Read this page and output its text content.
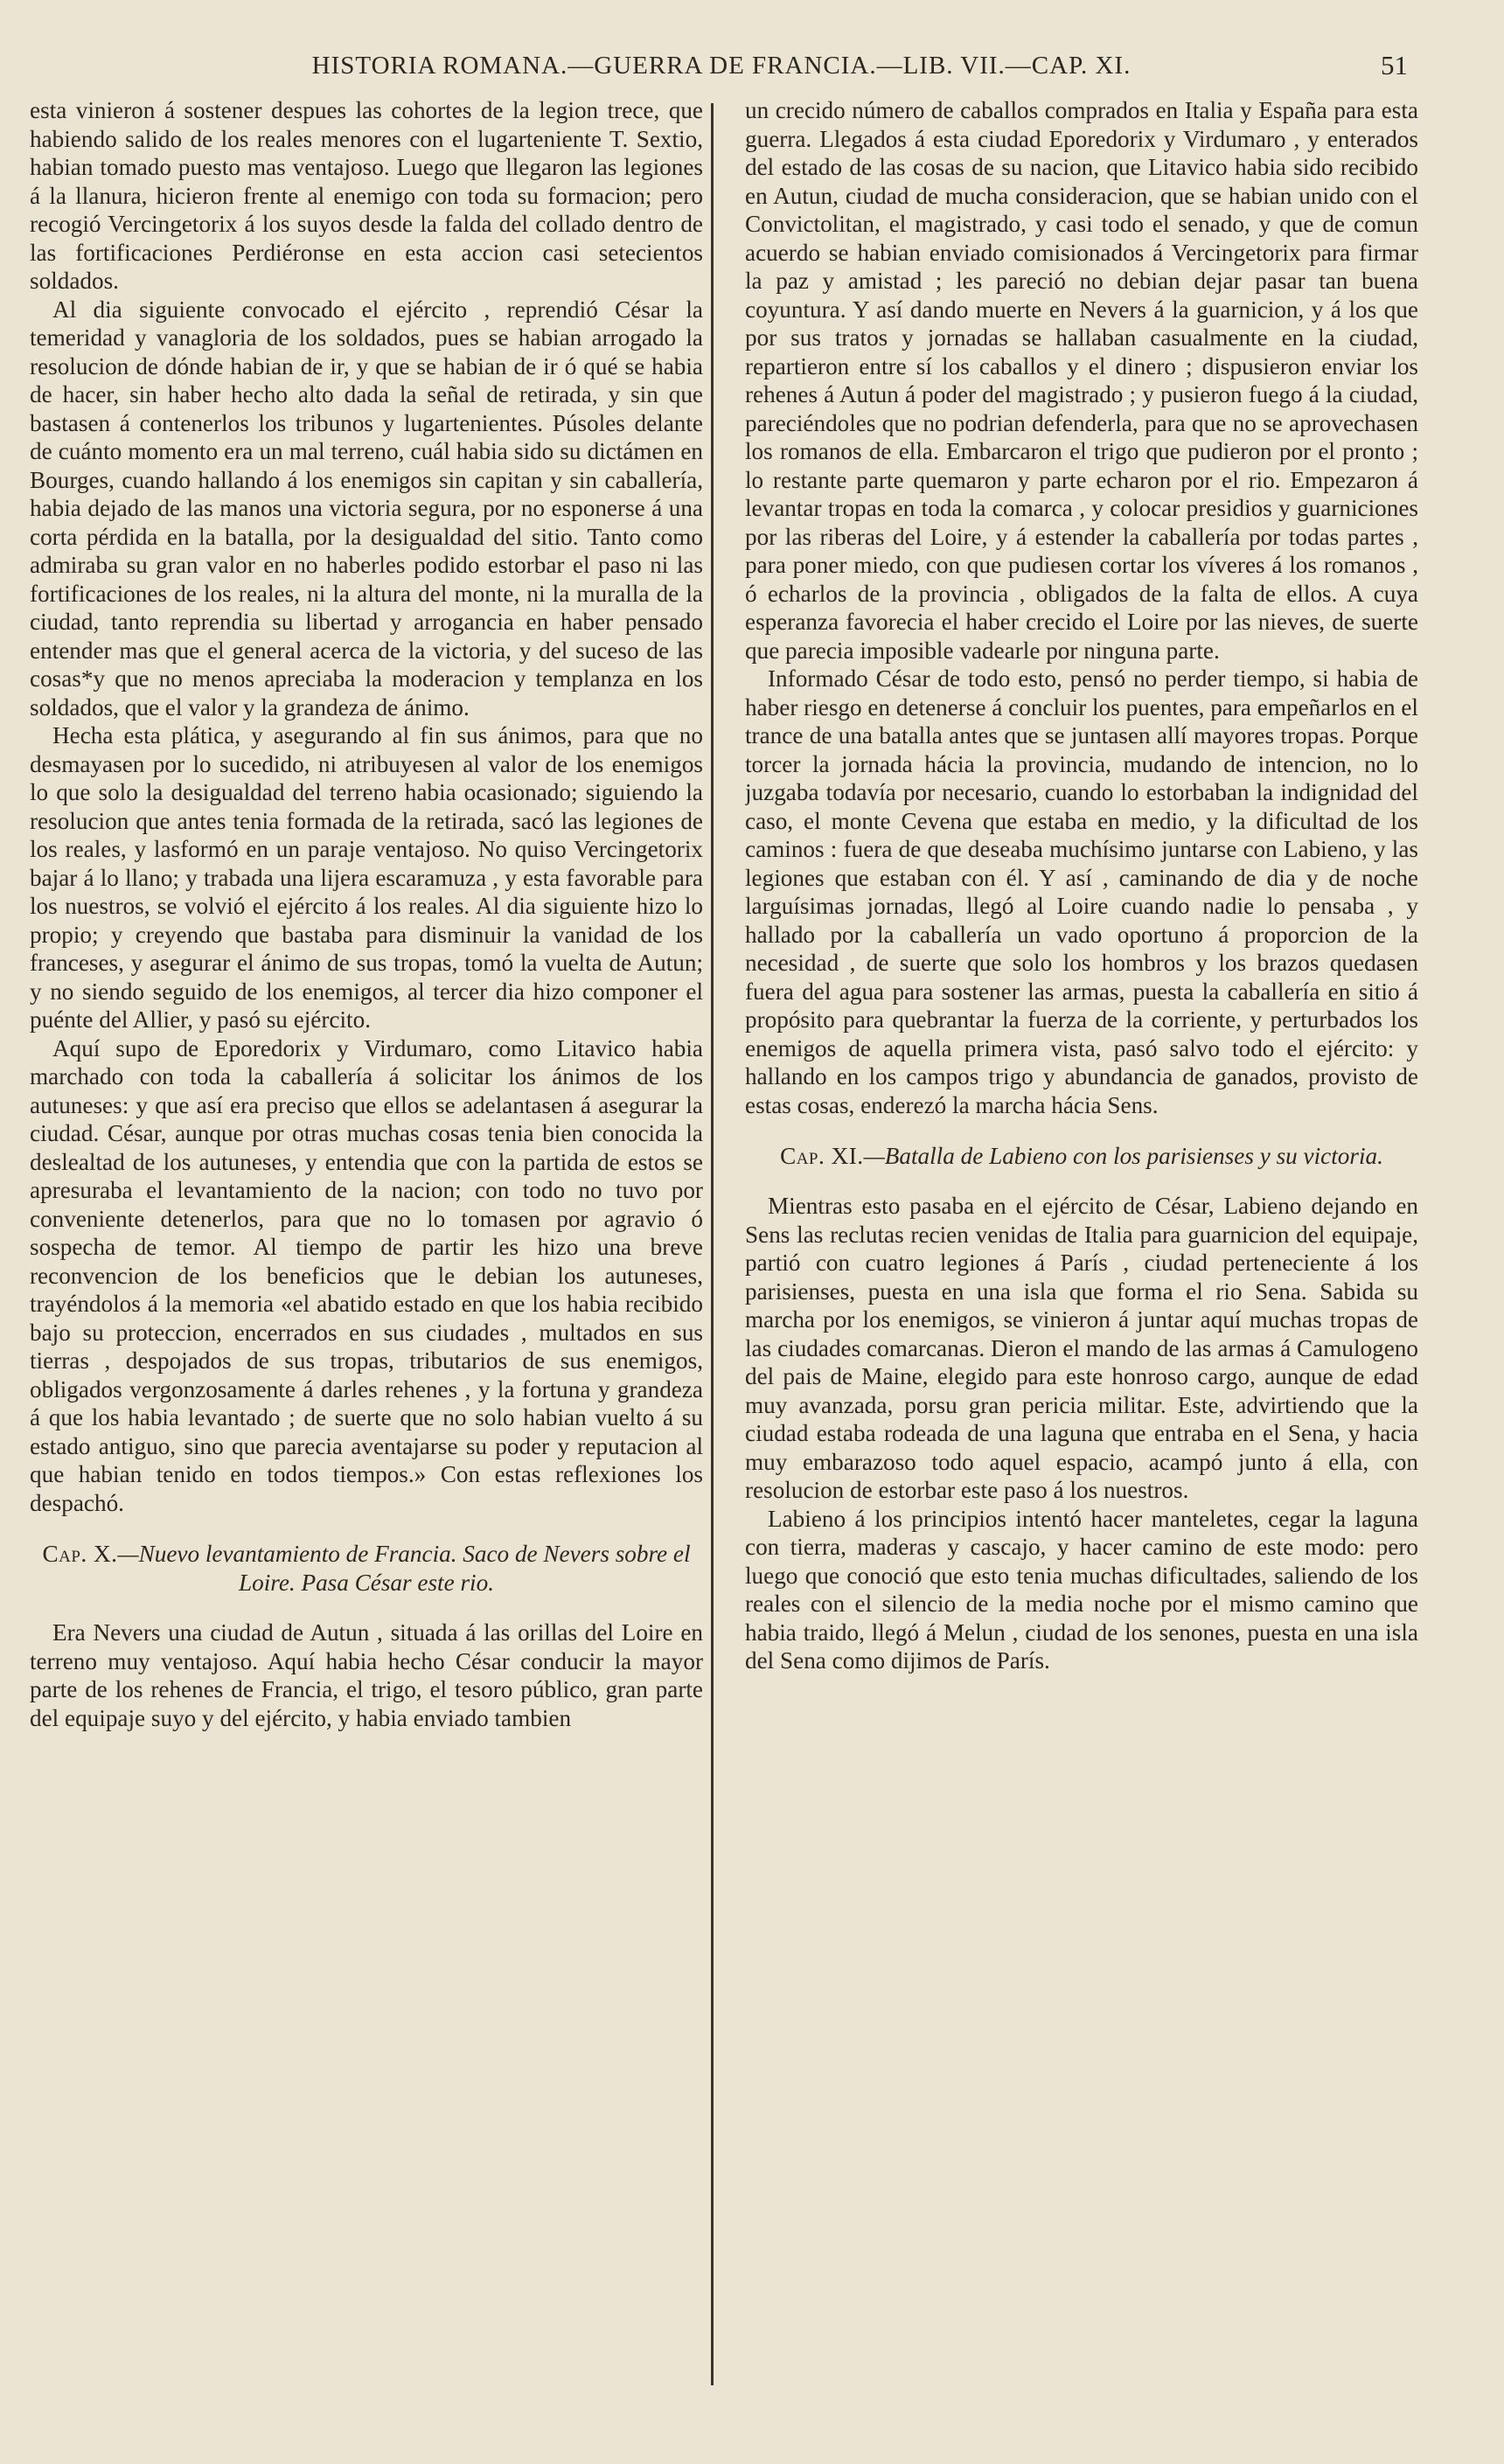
HISTORIA ROMANA.—GUERRA DE FRANCIA.—LIB. VII.—CAP. XI.	51

esta vinieron á sostener despues las cohortes de la legion trece, que habiendo salido de los reales menores con el lugarteniente T. Sextio, habian tomado puesto mas ventajoso. Luego que llegaron las legiones á la llanura, hicieron frente al enemigo con toda su formacion; pero recogió Vercingetorix á los suyos desde la falda del collado dentro de las fortificaciones Perdiéronse en esta accion casi setecientos soldados.

Al dia siguiente convocado el ejército , reprendió César la temeridad y vanagloria de los soldados, pues se habian arrogado la resolucion de dónde habian de ir, y que se habian de ir ó qué se habia de hacer, sin haber hecho alto dada la señal de retirada, y sin que bastasen á contenerlos los tribunos y lugartenientes. Púsoles delante de cuánto momento era un mal terreno, cuál habia sido su dictámen en Bourges, cuando hallando á los enemigos sin capitan y sin caballería, habia dejado de las manos una victoria segura, por no esponerse á una corta pérdida en la batalla, por la desigualdad del sitio. Tanto como admiraba su gran valor en no haberles podido estorbar el paso ni las fortificaciones de los reales, ni la altura del monte, ni la muralla de la ciudad, tanto reprendia su libertad y arrogancia en haber pensado entender mas que el general acerca de la victoria, y del suceso de las cosas*y que no menos apreciaba la moderacion y templanza en los soldados, que el valor y la grandeza de ánimo.

Hecha esta plática, y asegurando al fin sus ánimos, para que no desmayasen por lo sucedido, ni atribuyesen al valor de los enemigos lo que solo la desigualdad del terreno habia ocasionado; siguiendo la resolucion que antes tenia formada de la retirada, sacó las legiones de los reales, y lasformó en un paraje ventajoso. No quiso Vercingetorix bajar á lo llano; y trabada una lijera escaramuza , y esta favorable para los nuestros, se volvió el ejército á los reales. Al dia siguiente hizo lo propio; y creyendo que bastaba para disminuir la vanidad de los franceses, y asegurar el ánimo de sus tropas, tomó la vuelta de Autun; y no siendo seguido de los enemigos, al tercer dia hizo componer el puénte del Allier, y pasó su ejército.

Aquí supo de Eporedorix y Virdumaro, como Litavico habia marchado con toda la caballería á solicitar los ánimos de los autuneses: y que así era preciso que ellos se adelantasen á asegurar la ciudad. César, aunque por otras muchas cosas tenia bien conocida la deslealtad de los autuneses, y entendia que con la partida de estos se apresuraba el levantamiento de la nacion; con todo no tuvo por conveniente detenerlos, para que no lo tomasen por agravio ó sospecha de temor. Al tiempo de partir les hizo una breve reconvencion de los beneficios que le debian los autuneses, trayéndolos á la memoria «el abatido estado en que los habia recibido bajo su proteccion, encerrados en sus ciudades , multados en sus tierras , despojados de sus tropas, tributarios de sus enemigos, obligados vergonzosamente á darles rehenes , y la fortuna y grandeza á que los habia levantado ; de suerte que no solo habian vuelto á su estado antiguo, sino que parecia aventajarse su poder y reputacion al que habian tenido en todos tiempos.» Con estas reflexiones los despachó.

Cap. X.—Nuevo levantamiento de Francia. Saco de Nevers sobre el Loire. Pasa César este rio.

Era Nevers una ciudad de Autun , situada á las orillas del Loire en terreno muy ventajoso. Aquí habia hecho César conducir la mayor parte de los rehenes de Francia, el trigo, el tesoro público, gran parte del equipaje suyo y del ejército, y habia enviado tambien

un crecido número de caballos comprados en Italia y España para esta guerra. Llegados á esta ciudad Eporedorix y Virdumaro , y enterados del estado de las cosas de su nacion, que Litavico habia sido recibido en Autun, ciudad de mucha consideracion, que se habian unido con el Convictolitan, el magistrado, y casi todo el senado, y que de comun acuerdo se habian enviado comisionados á Vercingetorix para firmar la paz y amistad ; les pareció no debian dejar pasar tan buena coyuntura. Y así dando muerte en Nevers á la guarnicion, y á los que por sus tratos y jornadas se hallaban casualmente en la ciudad, repartieron entre sí los caballos y el dinero ; dispusieron enviar los rehenes á Autun á poder del magistrado ; y pusieron fuego á la ciudad, pareciéndoles que no podrian defenderla, para que no se aprovechasen los romanos de ella. Embarcaron el trigo que pudieron por el pronto ; lo restante parte quemaron y parte echaron por el rio. Empezaron á levantar tropas en toda la comarca , y colocar presidios y guarniciones por las riberas del Loire, y á estender la caballería por todas partes , para poner miedo, con que pudiesen cortar los víveres á los romanos , ó echarlos de la provincia , obligados de la falta de ellos. A cuya esperanza favorecia el haber crecido el Loire por las nieves, de suerte que parecia imposible vadearle por ninguna parte.

Informado César de todo esto, pensó no perder tiempo, si habia de haber riesgo en detenerse á concluir los puentes, para empeñarlos en el trance de una batalla antes que se juntasen allí mayores tropas. Porque torcer la jornada hácia la provincia, mudando de intencion, no lo juzgaba todavía por necesario, cuando lo estorbaban la indignidad del caso, el monte Cevena que estaba en medio, y la dificultad de los caminos : fuera de que deseaba muchísimo juntarse con Labieno, y las legiones que estaban con él. Y así , caminando de dia y de noche larguísimas jornadas, llegó al Loire cuando nadie lo pensaba , y hallado por la caballería un vado oportuno á proporcion de la necesidad , de suerte que solo los hombros y los brazos quedasen fuera del agua para sostener las armas, puesta la caballería en sitio á propósito para quebrantar la fuerza de la corriente, y perturbados los enemigos de aquella primera vista, pasó salvo todo el ejército: y hallando en los campos trigo y abundancia de ganados, provisto de estas cosas, enderezó la marcha hácia Sens.

Cap. XI.—Batalla de Labieno con los parisienses y su victoria.

Mientras esto pasaba en el ejército de César, Labieno dejando en Sens las reclutas recien venidas de Italia para guarnicion del equipaje, partió con cuatro legiones á París , ciudad perteneciente á los parisienses, puesta en una isla que forma el rio Sena. Sabida su marcha por los enemigos, se vinieron á juntar aquí muchas tropas de las ciudades comarcanas. Dieron el mando de las armas á Camulogeno del pais de Maine, elegido para este honroso cargo, aunque de edad muy avanzada, porsu gran pericia militar. Este, advirtiendo que la ciudad estaba rodeada de una laguna que entraba en el Sena, y hacia muy embarazoso todo aquel espacio, acampó junto á ella, con resolucion de estorbar este paso á los nuestros.

Labieno á los principios intentó hacer manteletes, cegar la laguna con tierra, maderas y cascajo, y hacer camino de este modo: pero luego que conoció que esto tenia muchas dificultades, saliendo de los reales con el silencio de la media noche por el mismo camino que habia traido, llegó á Melun , ciudad de los senones, puesta en una isla del Sena como dijimos de París.
